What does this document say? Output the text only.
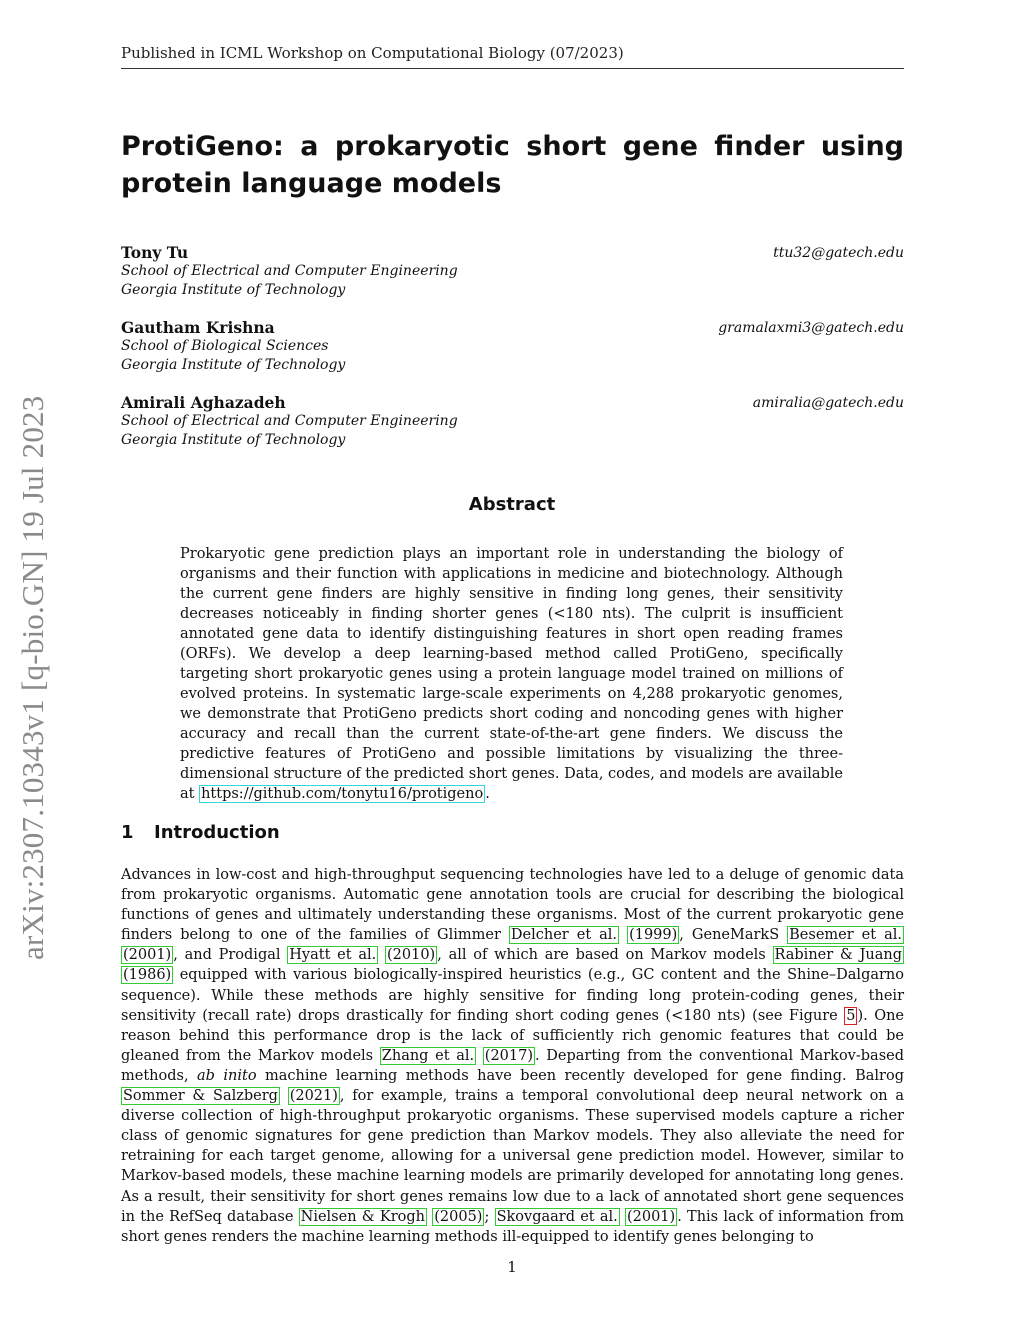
Published in ICML Workshop on Computational Biology (07/2023)
arXiv:2307.10343v1 [q-bio.GN] 19 Jul 2023
ProtiGeno: a prokaryotic short gene finder using protein language models
Tony Tu	ttu32@gatech.edu
School of Electrical and Computer Engineering
Georgia Institute of Technology
Gautham Krishna	gramalaxmi3@gatech.edu
School of Biological Sciences
Georgia Institute of Technology
Amirali Aghazadeh	amiralia@gatech.edu
School of Electrical and Computer Engineering
Georgia Institute of Technology
Abstract
Prokaryotic gene prediction plays an important role in understanding the biology of organisms and their function with applications in medicine and biotechnology. Although the current gene finders are highly sensitive in finding long genes, their sensitivity decreases noticeably in finding shorter genes (<180 nts). The culprit is insufficient annotated gene data to identify distinguishing features in short open reading frames (ORFs). We develop a deep learning-based method called ProtiGeno, specifically targeting short prokaryotic genes using a protein language model trained on millions of evolved proteins. In systematic large-scale experiments on 4,288 prokaryotic genomes, we demonstrate that ProtiGeno predicts short coding and noncoding genes with higher accuracy and recall than the current state-of-the-art gene finders. We discuss the predictive features of ProtiGeno and possible limitations by visualizing the three-dimensional structure of the predicted short genes. Data, codes, and models are available at https://github.com/tonytu16/protigeno .
1 Introduction
Advances in low-cost and high-throughput sequencing technologies have led to a deluge of genomic data from prokaryotic organisms. Automatic gene annotation tools are crucial for describing the biological functions of genes and ultimately understanding these organisms. Most of the current prokaryotic gene finders belong to one of the families of Glimmer Delcher et al. (1999) , GeneMarkS Besemer et al. (2001) , and Prodigal Hyatt et al. (2010) , all of which are based on Markov models Rabiner & Juang (1986) equipped with various biologically-inspired heuristics (e.g., GC content and the Shine–Dalgarno sequence). While these methods are highly sensitive for finding long protein-coding genes, their sensitivity (recall rate) drops drastically for finding short coding genes (<180 nts) (see Figure 5 ). One reason behind this performance drop is the lack of sufficiently rich genomic features that could be gleaned from the Markov models Zhang et al. (2017) . Departing from the conventional Markov-based methods, ab inito machine learning methods have been recently developed for gene finding. Balrog Sommer & Salzberg (2021) , for example, trains a temporal convolutional deep neural network on a diverse collection of high-throughput prokaryotic organisms. These supervised models capture a richer class of genomic signatures for gene prediction than Markov models. They also alleviate the need for retraining for each target genome, allowing for a universal gene prediction model. However, similar to Markov-based models, these machine learning models are primarily developed for annotating long genes. As a result, their sensitivity for short genes remains low due to a lack of annotated short gene sequences in the RefSeq database Nielsen & Krogh (2005) ; Skovgaard et al. (2001) . This lack of information from short genes renders the machine learning methods ill-equipped to identify genes belonging to
1
